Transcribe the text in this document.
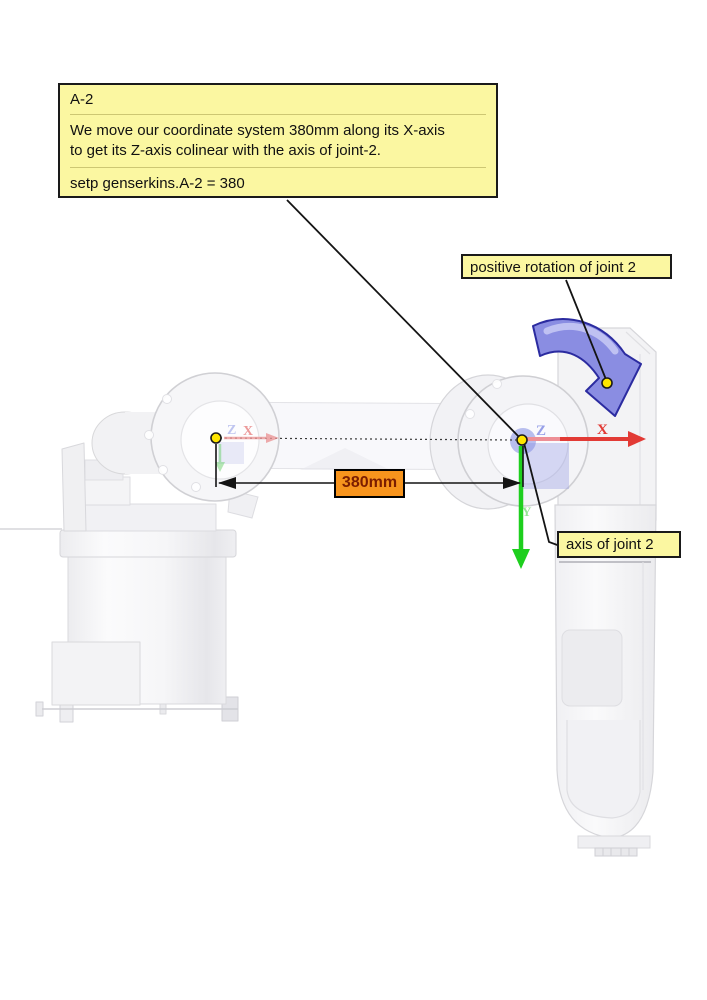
Z X	X
Z
Y
A-2
We move our coordinate system 380mm along its X-axis
to get its Z-axis colinear with the axis of joint-2.
setp genserkins.A-2 = 380
positive rotation of joint 2
axis of joint 2
380mm
